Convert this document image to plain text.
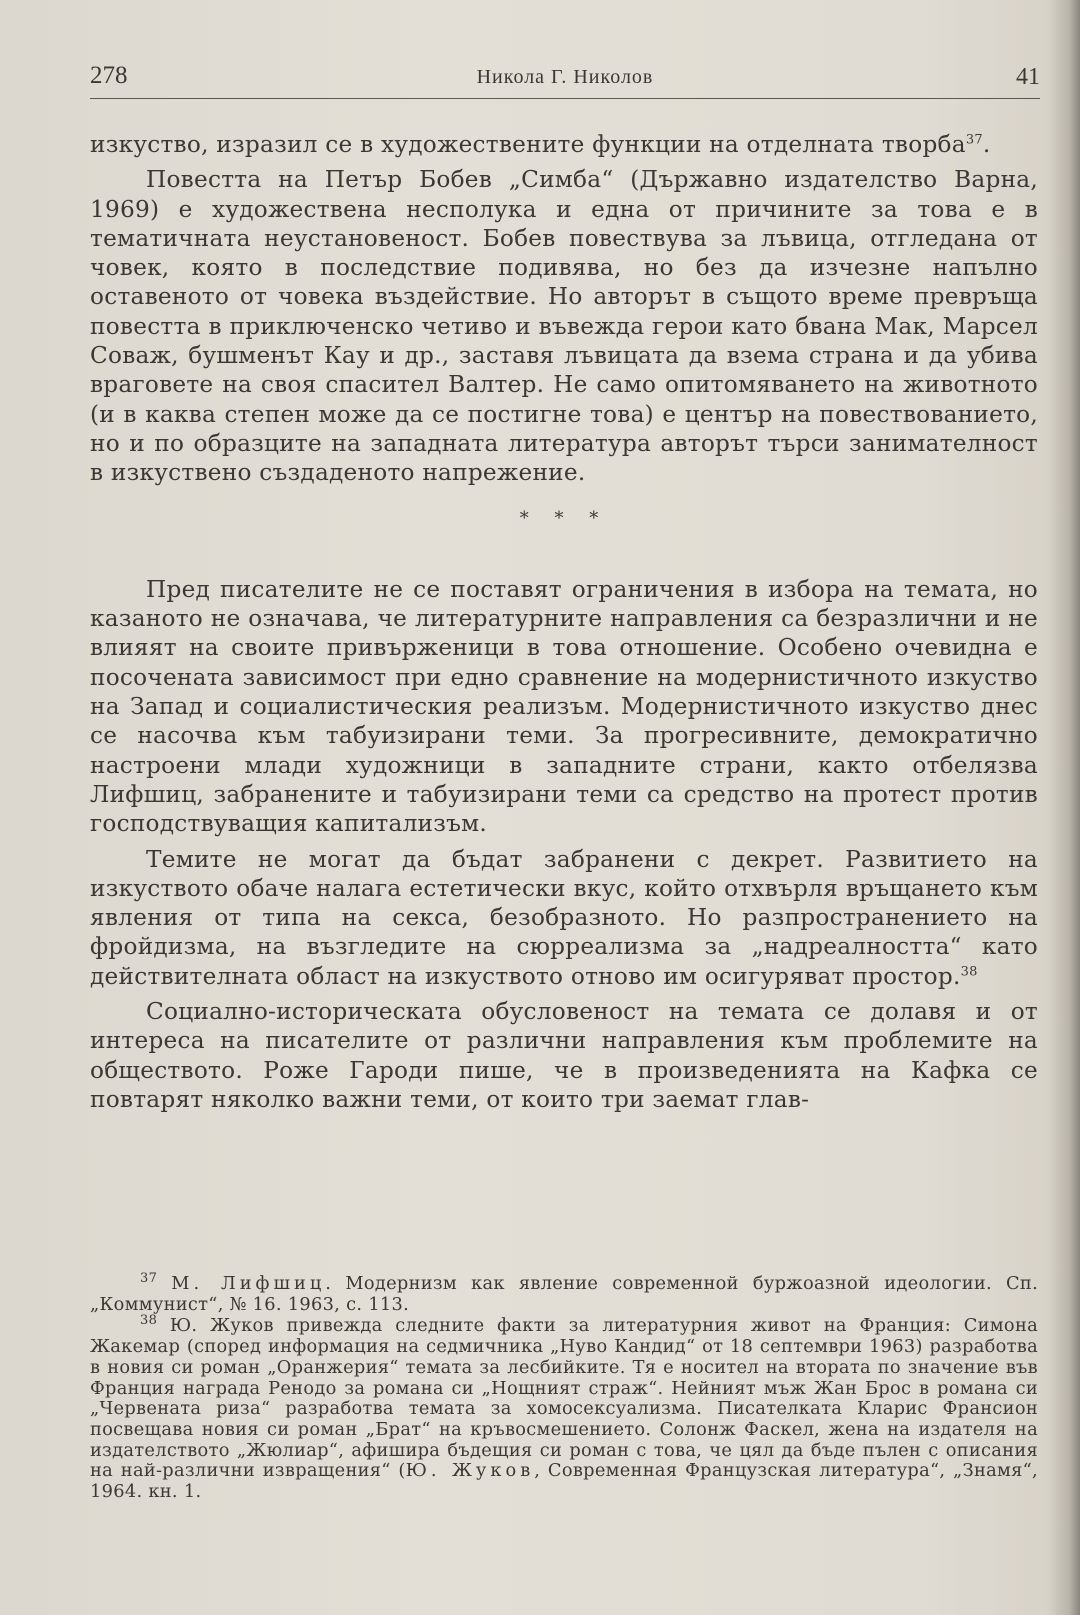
278	Никола Г. Николов	41

изкуство, изразил се в художествените функции на отделната творба$^{37}$.

Повестта на Петър Бобев „Симба“ (Държавно издателство Варна, 1969) е художествена несполука и една от причините за това е в тематичната неустановеност. Бобев повествува за лъвица, отгледана от човек, която в последствие подивява, но без да изчезне напълно оставеното от човека въздействие. Но авторът в същото време превръща повестта в приключенско четиво и въвежда герои като бвана Мак, Марсел Соваж, бушменът Кау и др., заставя лъвицата да взема страна и да убива враговете на своя спасител Валтер. Не само опитомяването на животното (и в каква степен може да се постигне това) е център на повествованието, но и по образците на западната литература авторът търси занимателност в изкуствено създаденото напрежение.

* * *

Пред писателите не се поставят ограничения в избора на темата, но казаното не означава, че литературните направления са безразлични и не влияят на своите привърженици в това отношение. Особено очевидна е посочената зависимост при едно сравнение на модернистичното изкуство на Запад и социалистическия реализъм. Модернистичното изкуство днес се насочва към табуизирани теми. За прогресивните, демократично настроени млади художници в западните страни, както отбелязва Лифшиц, забранените и табуизирани теми са средство на протест против господствуващия капитализъм.

Темите не могат да бъдат забранени с декрет. Развитието на изкуството обаче налага естетически вкус, който отхвърля връщането към явления от типа на секса, безобразното. Но разпространението на фройдизма, на възгледите на сюрреализма за „надреалността“ като действителната област на изкуството отново им осигуряват простор.$^{38}$

Социално-историческата обусловеност на темата се долавя и от интереса на писателите от различни направления към проблемите на обществото. Роже Гароди пише, че в произведенията на Кафка се повтарят няколко важни теми, от които три заемат глав-

$^{37}$ М. Лифшиц. Модернизм как явление современной буржоазной идеологии. Сп. „Коммунист“, № 16. 1963, с. 113.

$^{38}$ Ю. Жуков привежда следните факти за литературния живот на Франция: Симона Жакемар (според информация на седмичника „Нуво Кандид“ от 18 септември 1963) разработва в новия си роман „Оранжерия“ темата за лесбийките. Тя е носител на втората по значение във Франция награда Ренодо за романа си „Нощният страж“. Нейният мъж Жан Брос в романа си „Червената риза“ разработва темата за хомосексуализма. Писателката Кларис Франсион посвещава новия си роман „Брат“ на кръвосмешението. Солонж Фаскел, жена на издателя на издателството „Жюлиар“, афишира бъдещия си роман с това, че цял да бъде пълен с описания на най-различни извращения“ (Ю. Жуков, Современная Французская литература“, „Знамя“, 1964. кн. 1.
